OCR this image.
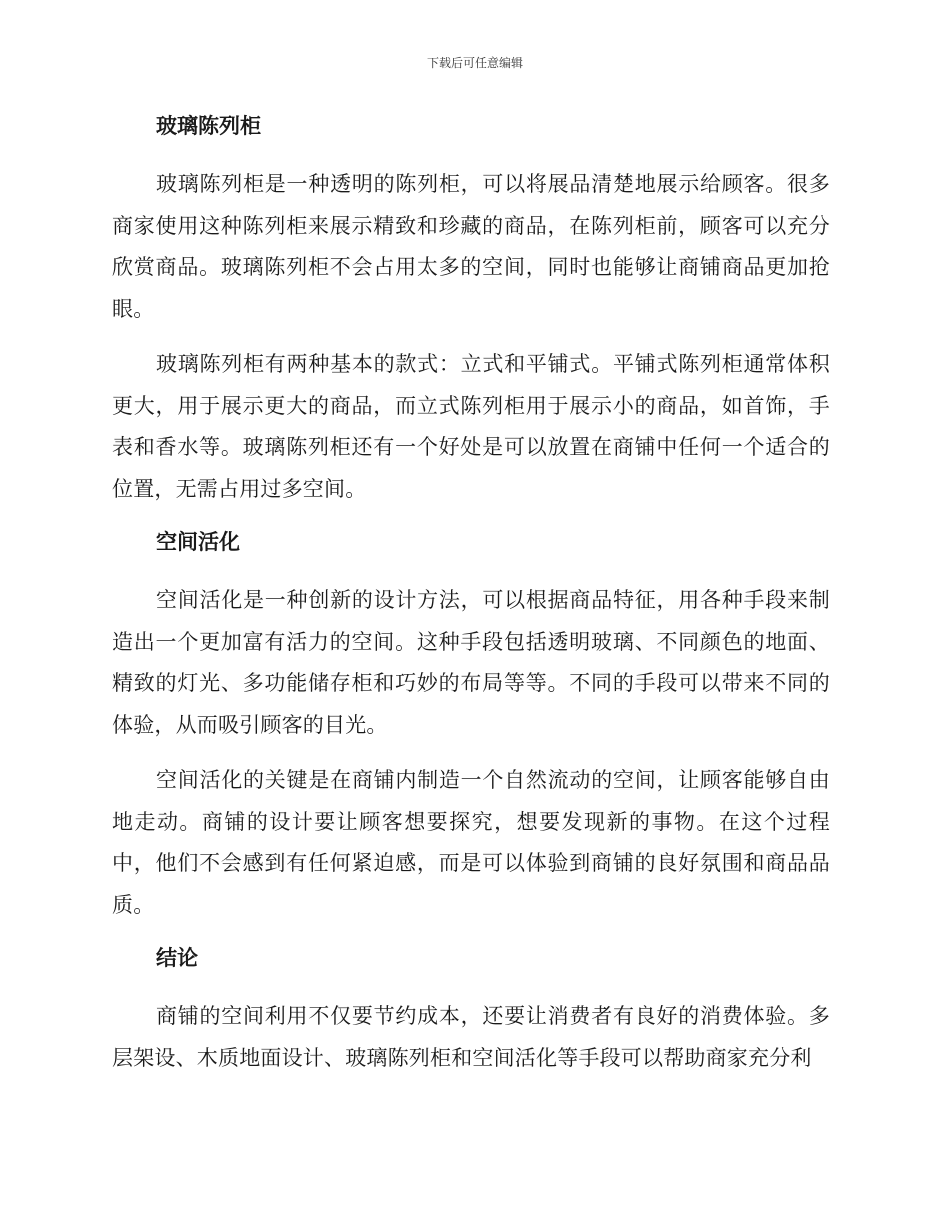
下载后可任意编辑
玻璃陈列柜

玻璃陈列柜是一种透明的陈列柜，可以将展品清楚地展示给顾客。很多商家使用这种陈列柜来展示精致和珍藏的商品，在陈列柜前，顾客可以充分欣赏商品。玻璃陈列柜不会占用太多的空间，同时也能够让商铺商品更加抢眼。

玻璃陈列柜有两种基本的款式：立式和平铺式。平铺式陈列柜通常体积更大，用于展示更大的商品，而立式陈列柜用于展示小的商品，如首饰，手表和香水等。玻璃陈列柜还有一个好处是可以放置在商铺中任何一个适合的位置，无需占用过多空间。

空间活化

空间活化是一种创新的设计方法，可以根据商品特征，用各种手段来制造出一个更加富有活力的空间。这种手段包括透明玻璃、不同颜色的地面、精致的灯光、多功能储存柜和巧妙的布局等等。不同的手段可以带来不同的体验，从而吸引顾客的目光。

空间活化的关键是在商铺内制造一个自然流动的空间，让顾客能够自由地走动。商铺的设计要让顾客想要探究，想要发现新的事物。在这个过程中，他们不会感到有任何紧迫感，而是可以体验到商铺的良好氛围和商品品质。

结论

商铺的空间利用不仅要节约成本，还要让消费者有良好的消费体验。多层架设、木质地面设计、玻璃陈列柜和空间活化等手段可以帮助商家充分利
